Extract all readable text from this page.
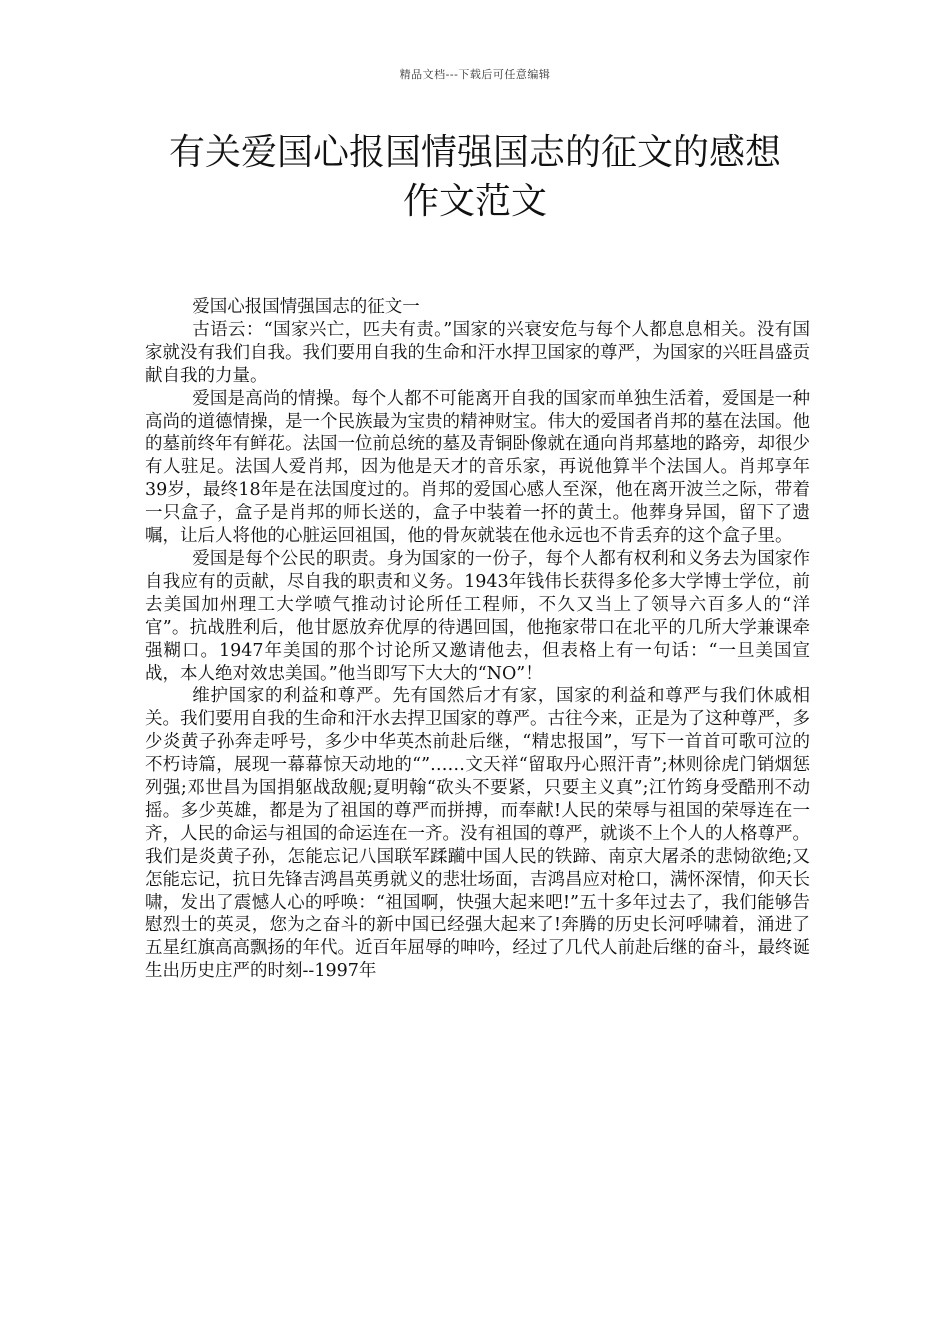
精品文档---下载后可任意编辑
有关爱国心报国情强国志的征文的感想
作文范文

爱国心报国情强国志的征文一

古语云：“国家兴亡，匹夫有责。”国家的兴衰安危与每个人都息息相关。没有国家就没有我们自我。我们要用自我的生命和汗水捍卫国家的尊严，为国家的兴旺昌盛贡献自我的力量。

爱国是高尚的情操。每个人都不可能离开自我的国家而单独生活着，爱国是一种高尚的道德情操，是一个民族最为宝贵的精神财宝。伟大的爱国者肖邦的墓在法国。他的墓前终年有鲜花。法国一位前总统的墓及青铜卧像就在通向肖邦墓地的路旁，却很少有人驻足。法国人爱肖邦，因为他是天才的音乐家，再说他算半个法国人。肖邦享年39岁，最终18年是在法国度过的。肖邦的爱国心感人至深，他在离开波兰之际，带着一只盒子，盒子是肖邦的师长送的，盒子中装着一抔的黄土。他葬身异国，留下了遗嘱，让后人将他的心脏运回祖国，他的骨灰就装在他永远也不肯丢弃的这个盒子里。

爱国是每个公民的职责。身为国家的一份子，每个人都有权利和义务去为国家作自我应有的贡献，尽自我的职责和义务。1943年钱伟长获得多伦多大学博士学位，前去美国加州理工大学喷气推动讨论所任工程师，不久又当上了领导六百多人的“洋官”。抗战胜利后，他甘愿放弃优厚的待遇回国，他拖家带口在北平的几所大学兼课牵强糊口。1947年美国的那个讨论所又邀请他去，但表格上有一句话：“一旦美国宣战，本人绝对效忠美国。”他当即写下大大的“NO”！

维护国家的利益和尊严。先有国然后才有家，国家的利益和尊严与我们休戚相关。我们要用自我的生命和汗水去捍卫国家的尊严。古往今来，正是为了这种尊严，多少炎黄子孙奔走呼号，多少中华英杰前赴后继，“精忠报国”，写下一首首可歌可泣的不朽诗篇，展现一幕幕惊天动地的“”……文天祥“留取丹心照汗青”;林则徐虎门销烟惩列强;邓世昌为国捐躯战敌舰;夏明翰“砍头不要紧，只要主义真”;江竹筠身受酷刑不动摇。多少英雄，都是为了祖国的尊严而拼搏，而奉献!人民的荣辱与祖国的荣辱连在一齐，人民的命运与祖国的命运连在一齐。没有祖国的尊严，就谈不上个人的人格尊严。我们是炎黄子孙，怎能忘记八国联军蹂躏中国人民的铁蹄、南京大屠杀的悲恸欲绝;又怎能忘记，抗日先锋吉鸿昌英勇就义的悲壮场面，吉鸿昌应对枪口，满怀深情，仰天长啸，发出了震憾人心的呼唤：“祖国啊，快强大起来吧!”五十多年过去了，我们能够告慰烈士的英灵，您为之奋斗的新中国已经强大起来了!奔腾的历史长河呼啸着，涌进了五星红旗高高飘扬的年代。近百年屈辱的呻吟，经过了几代人前赴后继的奋斗，最终诞生出历史庄严的时刻--1997年
